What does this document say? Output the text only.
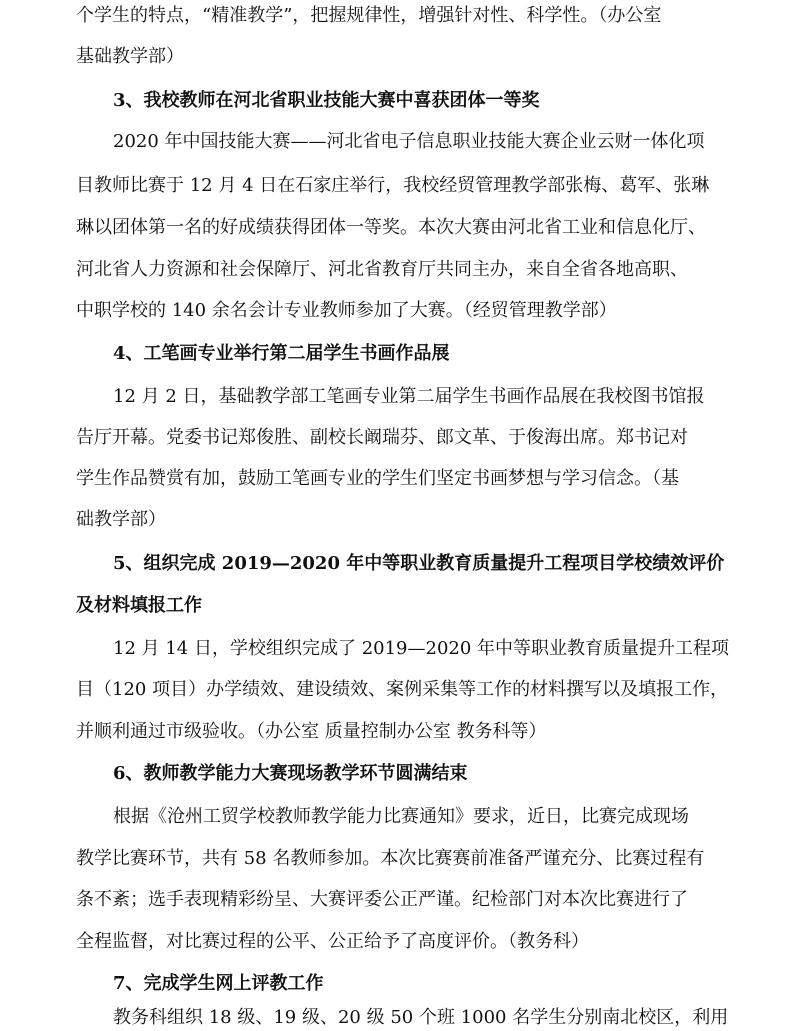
个学生的特点，“精准教学”，把握规律性，增强针对性、科学性。（办公室
基础教学部）
3、我校教师在河北省职业技能大赛中喜获团体一等奖
2020 年中国技能大赛——河北省电子信息职业技能大赛企业云财一体化项
目教师比赛于 12 月 4 日在石家庄举行，我校经贸管理教学部张梅、葛军、张琳
琳以团体第一名的好成绩获得团体一等奖。本次大赛由河北省工业和信息化厅、
河北省人力资源和社会保障厅、河北省教育厅共同主办，来自全省各地高职、
中职学校的 140 余名会计专业教师参加了大赛。（经贸管理教学部）
4、工笔画专业举行第二届学生书画作品展
12 月 2 日，基础教学部工笔画专业第二届学生书画作品展在我校图书馆报
告厅开幕。党委书记郑俊胜、副校长阚瑞芬、郎文革、于俊海出席。郑书记对
学生作品赞赏有加，鼓励工笔画专业的学生们坚定书画梦想与学习信念。（基
础教学部）
5、组织完成 2019—2020 年中等职业教育质量提升工程项目学校绩效评价
及材料填报工作
12 月 14 日，学校组织完成了 2019—2020 年中等职业教育质量提升工程项
目（120 项目）办学绩效、建设绩效、案例采集等工作的材料撰写以及填报工作，
并顺利通过市级验收。（办公室 质量控制办公室 教务科等）
6、教师教学能力大赛现场教学环节圆满结束
根据《沧州工贸学校教师教学能力比赛通知》要求，近日，比赛完成现场
教学比赛环节，共有 58 名教师参加。本次比赛赛前准备严谨充分、比赛过程有
条不紊；选手表现精彩纷呈、大赛评委公正严谨。纪检部门对本次比赛进行了
全程监督，对比赛过程的公平、公正给予了高度评价。（教务科）
7、完成学生网上评教工作
教务科组织 18 级、19 级、20 级 50 个班 1000 名学生分别南北校区，利用
